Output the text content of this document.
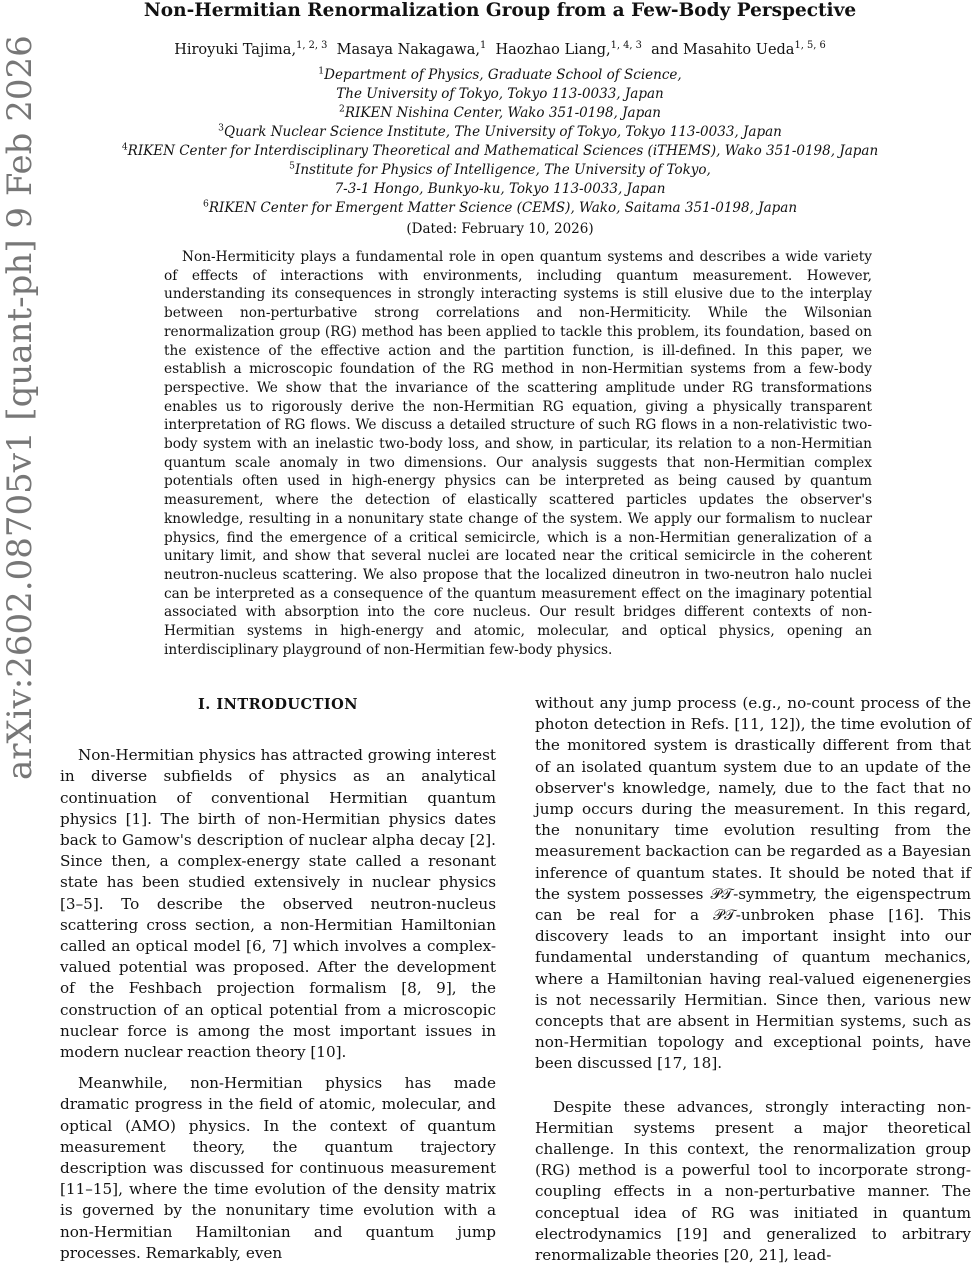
arXiv:2602.08705v1 [quant-ph] 9 Feb 2026
Non-Hermitian Renormalization Group from a Few-Body Perspective
Hiroyuki Tajima,$^{1, 2, 3}$ Masaya Nakagawa,$^1$ Haozhao Liang,$^{1, 4, 3}$ and Masahito Ueda$^{1, 5, 6}$
$^1$Department of Physics, Graduate School of Science,
The University of Tokyo, Tokyo 113-0033, Japan
$^2$RIKEN Nishina Center, Wako 351-0198, Japan
$^3$Quark Nuclear Science Institute, The University of Tokyo, Tokyo 113-0033, Japan
$^4$RIKEN Center for Interdisciplinary Theoretical and Mathematical Sciences (iTHEMS), Wako 351-0198, Japan
$^5$Institute for Physics of Intelligence, The University of Tokyo,
7-3-1 Hongo, Bunkyo-ku, Tokyo 113-0033, Japan
$^6$RIKEN Center for Emergent Matter Science (CEMS), Wako, Saitama 351-0198, Japan
(Dated: February 10, 2026)

Non-Hermiticity plays a fundamental role in open quantum systems and describes a wide variety of effects of interactions with environments, including quantum measurement. However, understanding its consequences in strongly interacting systems is still elusive due to the interplay between non-perturbative strong correlations and non-Hermiticity. While the Wilsonian renormalization group (RG) method has been applied to tackle this problem, its foundation, based on the existence of the effective action and the partition function, is ill-defined. In this paper, we establish a microscopic foundation of the RG method in non-Hermitian systems from a few-body perspective. We show that the invariance of the scattering amplitude under RG transformations enables us to rigorously derive the non-Hermitian RG equation, giving a physically transparent interpretation of RG flows. We discuss a detailed structure of such RG flows in a non-relativistic two-body system with an inelastic two-body loss, and show, in particular, its relation to a non-Hermitian quantum scale anomaly in two dimensions. Our analysis suggests that non-Hermitian complex potentials often used in high-energy physics can be interpreted as being caused by quantum measurement, where the detection of elastically scattered particles updates the observer's knowledge, resulting in a nonunitary state change of the system. We apply our formalism to nuclear physics, find the emergence of a critical semicircle, which is a non-Hermitian generalization of a unitary limit, and show that several nuclei are located near the critical semicircle in the coherent neutron-nucleus scattering. We also propose that the localized dineutron in two-neutron halo nuclei can be interpreted as a consequence of the quantum measurement effect on the imaginary potential associated with absorption into the core nucleus. Our result bridges different contexts of non-Hermitian systems in high-energy and atomic, molecular, and optical physics, opening an interdisciplinary playground of non-Hermitian few-body physics.

I. INTRODUCTION

Non-Hermitian physics has attracted growing interest in diverse subfields of physics as an analytical continuation of conventional Hermitian quantum physics [1]. The birth of non-Hermitian physics dates back to Gamow's description of nuclear alpha decay [2]. Since then, a complex-energy state called a resonant state has been studied extensively in nuclear physics [3–5]. To describe the observed neutron-nucleus scattering cross section, a non-Hermitian Hamiltonian called an optical model [6, 7] which involves a complex-valued potential was proposed. After the development of the Feshbach projection formalism [8, 9], the construction of an optical potential from a microscopic nuclear force is among the most important issues in modern nuclear reaction theory [10].

Meanwhile, non-Hermitian physics has made dramatic progress in the field of atomic, molecular, and optical (AMO) physics. In the context of quantum measurement theory, the quantum trajectory description was discussed for continuous measurement [11–15], where the time evolution of the density matrix is governed by the nonunitary time evolution with a non-Hermitian Hamiltonian and quantum jump processes. Remarkably, even

without any jump process (e.g., no-count process of the photon detection in Refs. [11, 12]), the time evolution of the monitored system is drastically different from that of an isolated quantum system due to an update of the observer's knowledge, namely, due to the fact that no jump occurs during the measurement. In this regard, the nonunitary time evolution resulting from the measurement backaction can be regarded as a Bayesian inference of quantum states. It should be noted that if the system possesses 𝒫𝒯-symmetry, the eigenspectrum can be real for a 𝒫𝒯-unbroken phase [16]. This discovery leads to an important insight into our fundamental understanding of quantum mechanics, where a Hamiltonian having real-valued eigenenergies is not necessarily Hermitian. Since then, various new concepts that are absent in Hermitian systems, such as non-Hermitian topology and exceptional points, have been discussed [17, 18].

Despite these advances, strongly interacting non-Hermitian systems present a major theoretical challenge. In this context, the renormalization group (RG) method is a powerful tool to incorporate strong-coupling effects in a non-perturbative manner. The conceptual idea of RG was initiated in quantum electrodynamics [19] and generalized to arbitrary renormalizable theories [20, 21], lead-
